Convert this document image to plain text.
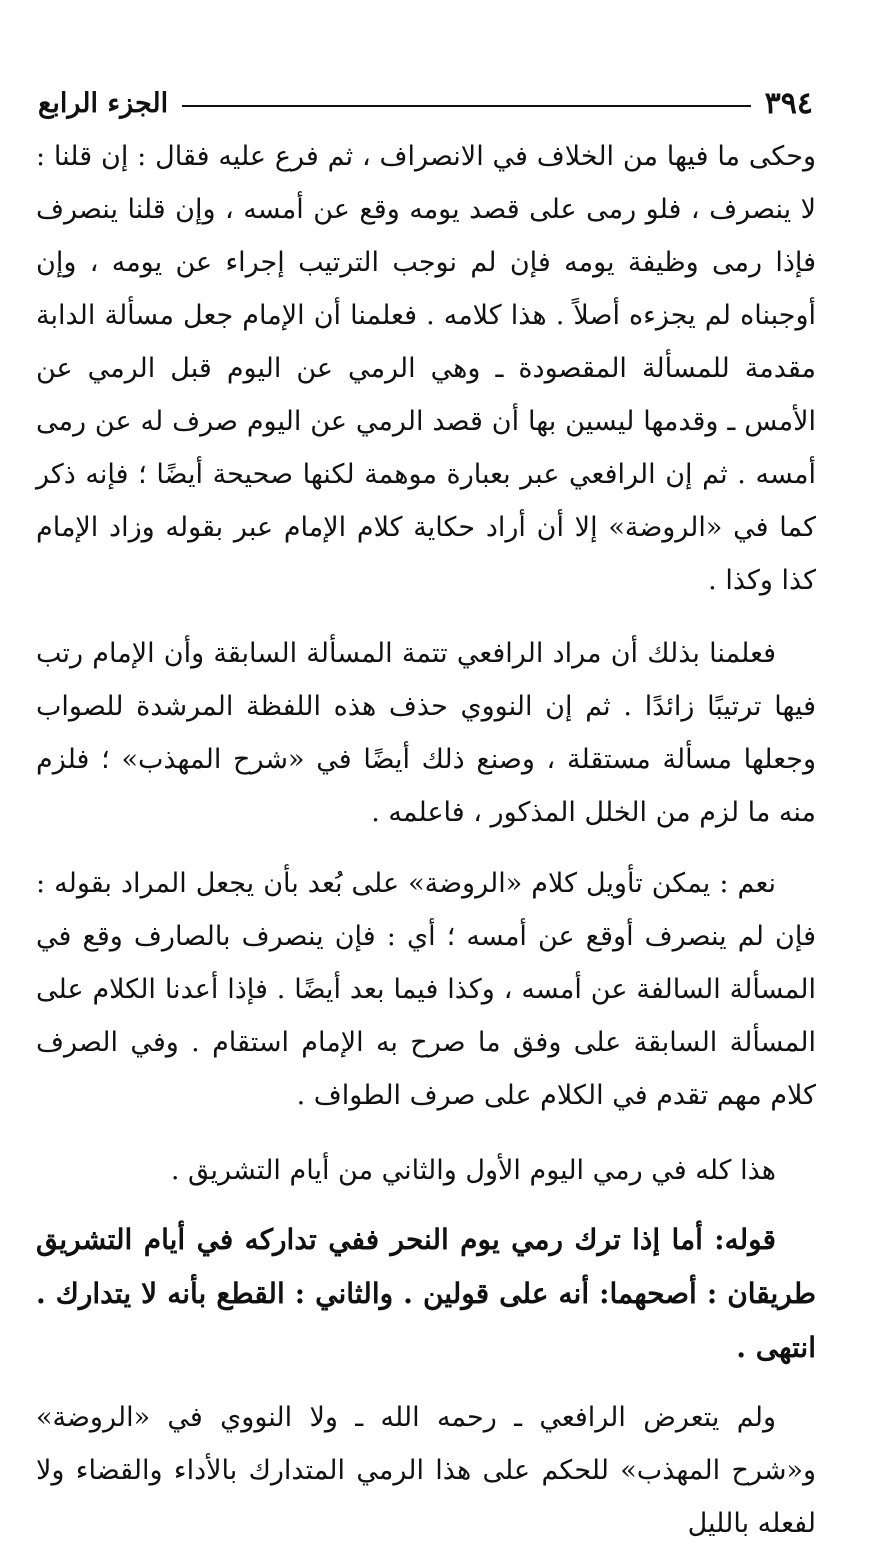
٣٩٤
الجزء الرابع

وحكى ما فيها من الخلاف في الانصراف ، ثم فرع عليه فقال : إن قلنا : لا ينصرف ، فلو رمى على قصد يومه وقع عن أمسه ، وإن قلنا ينصرف فإذا رمى وظيفة يومه فإن لم نوجب الترتيب إجراء عن يومه ، وإن أوجبناه لم يجزءه أصلاً . هذا كلامه . فعلمنا أن الإمام جعل مسألة الدابة مقدمة للمسألة المقصودة ـ وهي الرمي عن اليوم قبل الرمي عن الأمس ـ وقدمها ليسين بها أن قصد الرمي عن اليوم صرف له عن رمى أمسه . ثم إن الرافعي عبر بعبارة موهمة لكنها صحيحة أيضًا ؛ فإنه ذكر كما في «الروضة» إلا أن أراد حكاية كلام الإمام عبر بقوله وزاد الإمام كذا وكذا .

فعلمنا بذلك أن مراد الرافعي تتمة المسألة السابقة وأن الإمام رتب فيها ترتيبًا زائدًا . ثم إن النووي حذف هذه اللفظة المرشدة للصواب وجعلها مسألة مستقلة ، وصنع ذلك أيضًا في «شرح المهذب» ؛ فلزم منه ما لزم من الخلل المذكور ، فاعلمه .

نعم : يمكن تأويل كلام «الروضة» على بُعد بأن يجعل المراد بقوله : فإن لم ينصرف أوقع عن أمسه ؛ أي : فإن ينصرف بالصارف وقع في المسألة السالفة عن أمسه ، وكذا فيما بعد أيضًا . فإذا أعدنا الكلام على المسألة السابقة على وفق ما صرح به الإمام استقام . وفي الصرف كلام مهم تقدم في الكلام على صرف الطواف .

هذا كله في رمي اليوم الأول والثاني من أيام التشريق .

قوله: أما إذا ترك رمي يوم النحر ففي تداركه في أيام التشريق طريقان : أصحهما: أنه على قولين . والثاني : القطع بأنه لا يتدارك . انتهى .

ولم يتعرض الرافعي ـ رحمه الله ـ ولا النووي في «الروضة» و«شرح المهذب» للحكم على هذا الرمي المتدارك بالأداء والقضاء ولا لفعله بالليل
